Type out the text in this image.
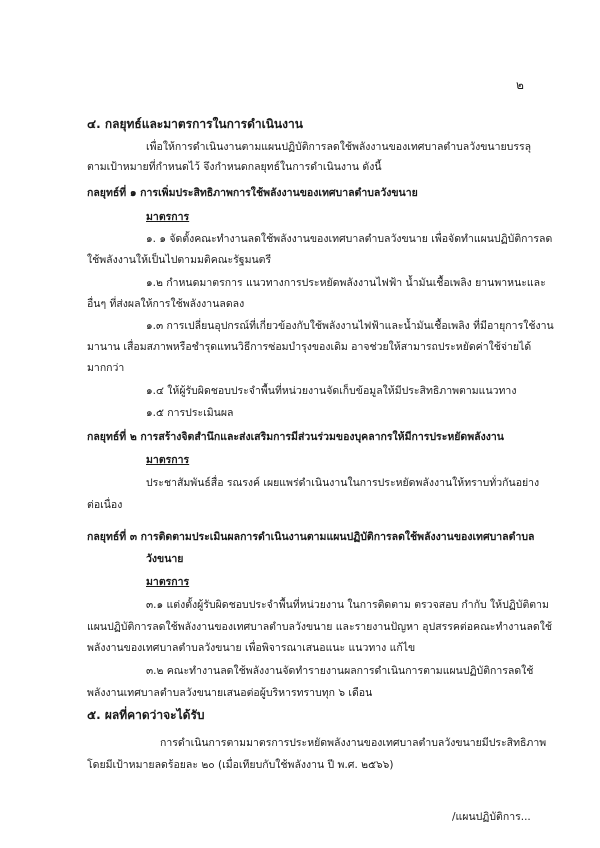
๒
๔. กลยุทธ์และมาตรการในการดำเนินงาน
เพื่อให้การดำเนินงานตามแผนปฏิบัติการลดใช้พลังงานของเทศบาลตำบลวังขนายบรรลุ
ตามเป้าหมายที่กำหนดไว้ จึงกำหนดกลยุทธ์ในการดำเนินงาน ดังนี้
กลยุทธ์ที่ ๑ การเพิ่มประสิทธิภาพการใช้พลังงานของเทศบาลตำบลวังขนาย
มาตรการ
๑. ๑ จัดตั้งคณะทำงานลดใช้พลังงานของเทศบาลตำบลวังขนาย เพื่อจัดทำแผนปฏิบัติการลด
ใช้พลังงานให้เป็นไปตามมติคณะรัฐมนตรี
๑.๒ กำหนดมาตรการ แนวทางการประหยัดพลังงานไฟฟ้า น้ำมันเชื้อเพลิง ยานพาหนะและ
อื่นๆ ที่ส่งผลให้การใช้พลังงานลดลง
๑.๓ การเปลี่ยนอุปกรณ์ที่เกี่ยวข้องกับใช้พลังงานไฟฟ้าและน้ำมันเชื้อเพลิง ที่มีอายุการใช้งาน
มานาน เสื่อมสภาพหรือชำรุดแทนวิธีการซ่อมบำรุงของเดิม อาจช่วยให้สามารถประหยัดค่าใช้จ่ายได้
มากกว่า
๑.๔ ให้ผู้รับผิดชอบประจำพื้นที่หน่วยงานจัดเก็บข้อมูลให้มีประสิทธิภาพตามแนวทาง
๑.๕ การประเมินผล
กลยุทธ์ที่ ๒ การสร้างจิตสำนึกและส่งเสริมการมีส่วนร่วมของบุคลากรให้มีการประหยัดพลังงาน
มาตรการ
ประชาสัมพันธ์สื่อ รณรงค์ เผยแพร่ดำเนินงานในการประหยัดพลังงานให้ทราบทั่วกันอย่าง
ต่อเนื่อง
กลยุทธ์ที่ ๓ การติดตามประเมินผลการดำเนินงานตามแผนปฏิบัติการลดใช้พลังงานของเทศบาลตำบล
วังขนาย
มาตรการ
๓.๑ แต่งตั้งผู้รับผิดชอบประจำพื้นที่หน่วยงาน ในการติดตาม ตรวจสอบ กำกับ ให้ปฏิบัติตาม
แผนปฏิบัติการลดใช้พลังงานของเทศบาลตำบลวังขนาย และรายงานปัญหา อุปสรรคต่อคณะทำงานลดใช้
พลังงานของเทศบาลตำบลวังขนาย เพื่อพิจารณาเสนอแนะ แนวทาง แก้ไข
๓.๒ คณะทำงานลดใช้พลังงานจัดทำรายงานผลการดำเนินการตามแผนปฏิบัติการลดใช้
พลังงานเทศบาลตำบลวังขนายเสนอต่อผู้บริหารทราบทุก ๖ เดือน
๕. ผลที่คาดว่าจะได้รับ
การดำเนินการตามมาตรการประหยัดพลังงานของเทศบาลตำบลวังขนายมีประสิทธิภาพ
โดยมีเป้าหมายลดร้อยละ ๒๐ (เมื่อเทียบกับใช้พลังงาน ปี พ.ศ. ๒๕๖๖)
/แผนปฏิบัติการ...
